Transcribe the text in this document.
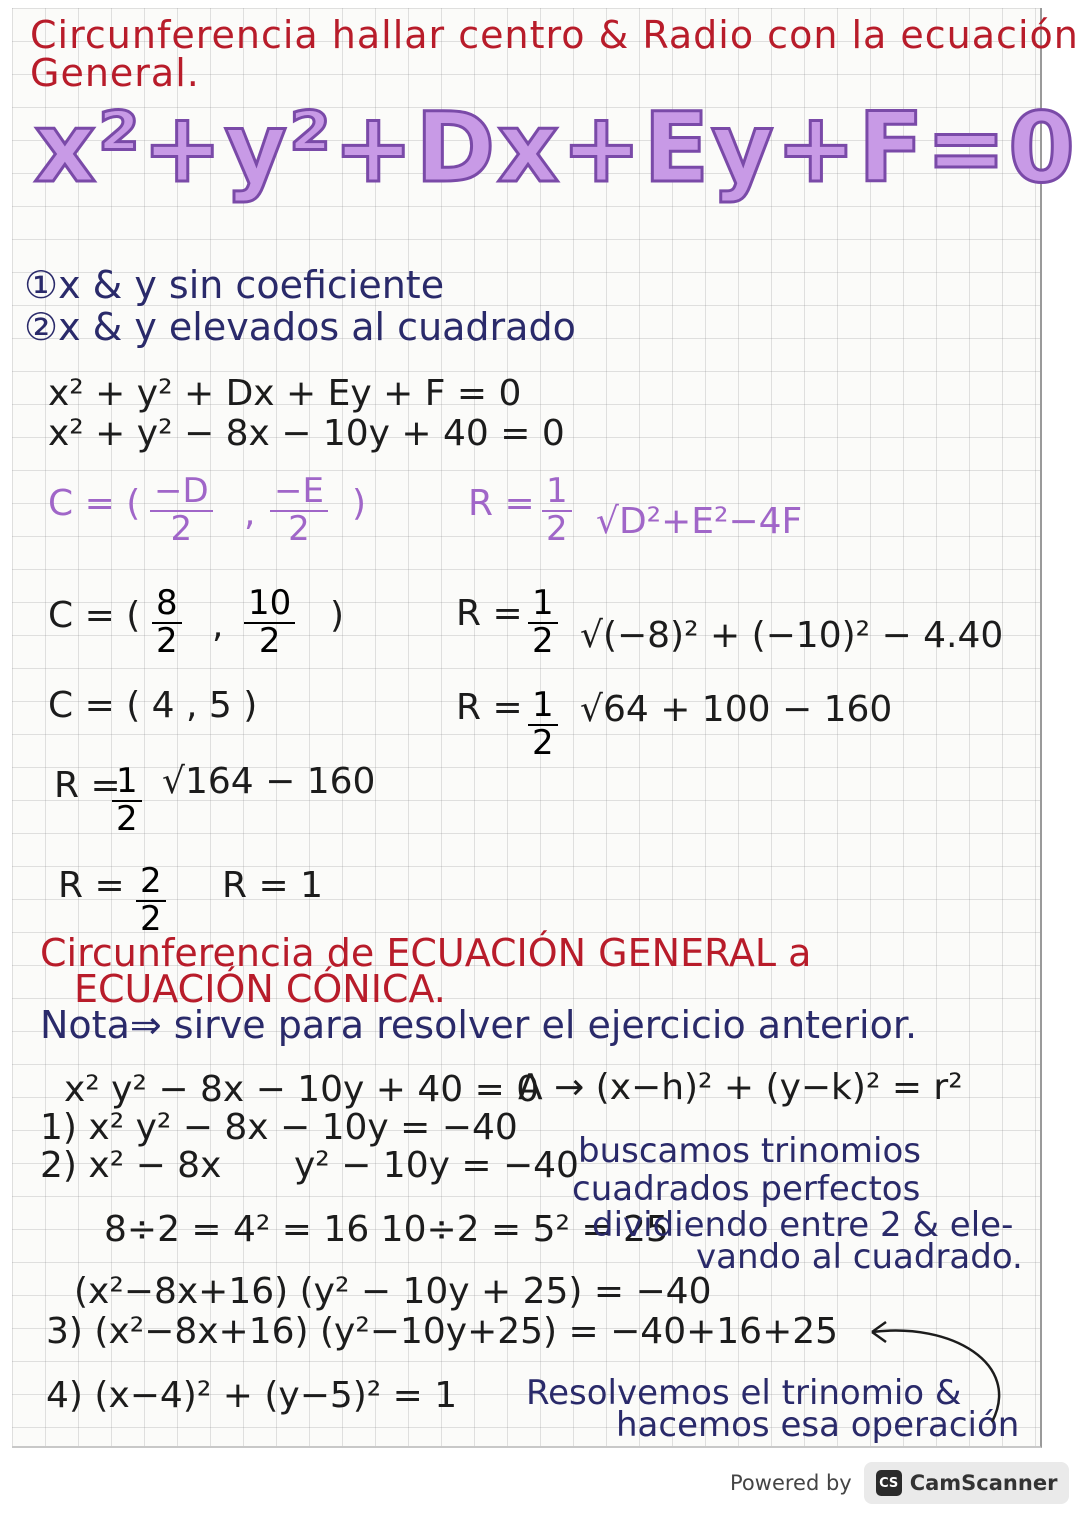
Circunferencia hallar centro & Radio con la ecuación
General.
x²+y²+Dx+Ey+F=0
①x & y sin coeficiente
②x & y elevados al cuadrado
x² + y² + Dx + Ey + F = 0
x² + y² − 8x − 10y + 40 = 0
C = ( $\frac{-D}{2}$ , $\frac{-E}{2}$ )	$R = \frac{1}{2} √D^2+E^2-4F$
C = ( $\frac{8}{2}$ , $\frac{10}{2}$ )
C = ( 4 , 5 )
$R = \frac{1}{2} √(-8)^2 + (-10)^2 - 4.40$
$R = \frac{1}{2} √64 + 100 - 160$
R =
$\frac{1}{2} √164 - 160$
$R = \frac{2}{2}$ R = 1
Circunferencia de ECUACIÓN GENERAL a
ECUACIÓN CÓNICA.
Nota⇒ sirve para resolver el ejercicio anterior.
x² y² − 8x − 10y + 40 = 0
A → (x−h)² + (y−k)² = r²
1) x² y² − 8x − 10y = −40
2) x² − 8x y² − 10y = −40 buscamos trinomios
cuadrados perfectos
8÷2 = 4² = 16 10÷2 = 5² = 25
dividiendo entre 2 & ele-
vando al cuadrado.
(x²−8x+16) (y² − 10y + 25) = −40
3) (x²−8x+16) (y²−10y+25) = −40+16+25
4) (x−4)² + (y−5)² = 1 Resolvemos el trinomio &
hacemos esa operación
Powered by CS CamScanner
